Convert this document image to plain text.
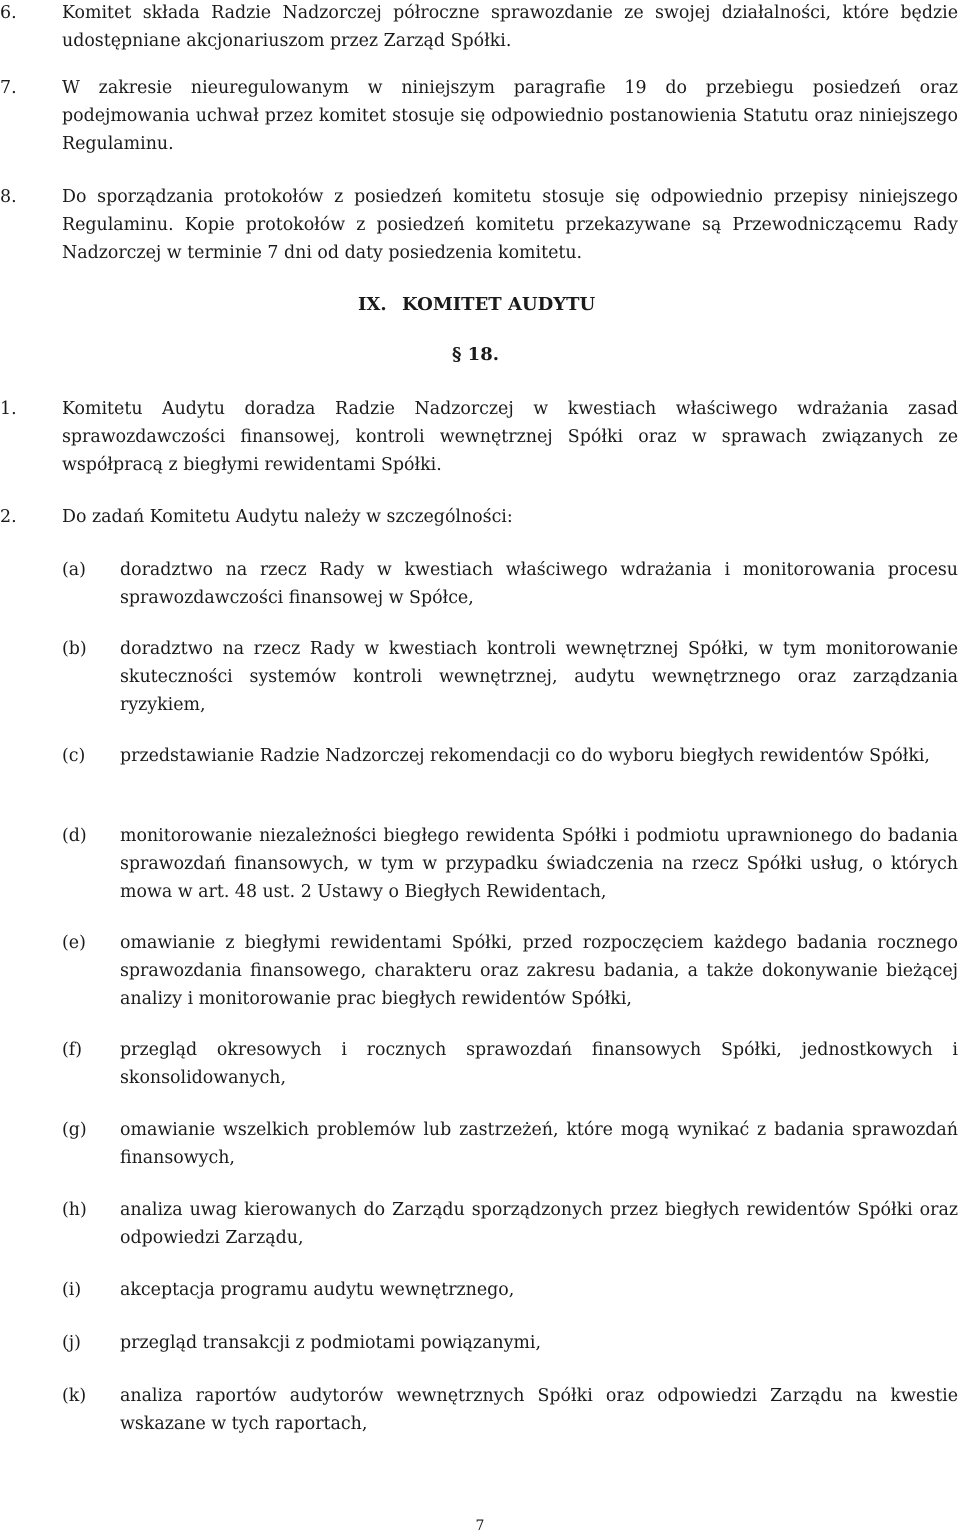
6.	Komitet składa Radzie Nadzorczej półroczne sprawozdanie ze swojej działalności, które będzie udostępniane akcjonariuszom przez Zarząd Spółki.
7.	W zakresie nieuregulowanym w niniejszym paragrafie 19 do przebiegu posiedzeń oraz podejmowania uchwał przez komitet stosuje się odpowiednio postanowienia Statutu oraz niniejszego Regulaminu.
8.	Do sporządzania protokołów z posiedzeń komitetu stosuje się odpowiednio przepisy niniejszego Regulaminu. Kopie protokołów z posiedzeń komitetu przekazywane są Przewodniczącemu Rady Nadzorczej w terminie 7 dni od daty posiedzenia komitetu.
IX. KOMITET AUDYTU
§ 18.
1.	Komitetu Audytu doradza Radzie Nadzorczej w kwestiach właściwego wdrażania zasad sprawozdawczości finansowej, kontroli wewnętrznej Spółki oraz w sprawach związanych ze współpracą z biegłymi rewidentami Spółki.
2.	Do zadań Komitetu Audytu należy w szczególności:
(a) doradztwo na rzecz Rady w kwestiach właściwego wdrażania i monitorowania procesu sprawozdawczości finansowej w Spółce,
(b) doradztwo na rzecz Rady w kwestiach kontroli wewnętrznej Spółki, w tym monitorowanie skuteczności systemów kontroli wewnętrznej, audytu wewnętrznego oraz zarządzania ryzykiem,
(c) przedstawianie Radzie Nadzorczej rekomendacji co do wyboru biegłych rewidentów Spółki,
(d) monitorowanie niezależności biegłego rewidenta Spółki i podmiotu uprawnionego do badania sprawozdań finansowych, w tym w przypadku świadczenia na rzecz Spółki usług, o których mowa w art. 48 ust. 2 Ustawy o Biegłych Rewidentach,
(e) omawianie z biegłymi rewidentami Spółki, przed rozpoczęciem każdego badania rocznego sprawozdania finansowego, charakteru oraz zakresu badania, a także dokonywanie bieżącej analizy i monitorowanie prac biegłych rewidentów Spółki,
(f) przegląd okresowych i rocznych sprawozdań finansowych Spółki, jednostkowych i skonsolidowanych,
(g) omawianie wszelkich problemów lub zastrzeżeń, które mogą wynikać z badania sprawozdań finansowych,
(h) analiza uwag kierowanych do Zarządu sporządzonych przez biegłych rewidentów Spółki oraz odpowiedzi Zarządu,
(i) akceptacja programu audytu wewnętrznego,
(j) przegląd transakcji z podmiotami powiązanymi,
(k) analiza raportów audytorów wewnętrznych Spółki oraz odpowiedzi Zarządu na kwestie wskazane w tych raportach,
7
